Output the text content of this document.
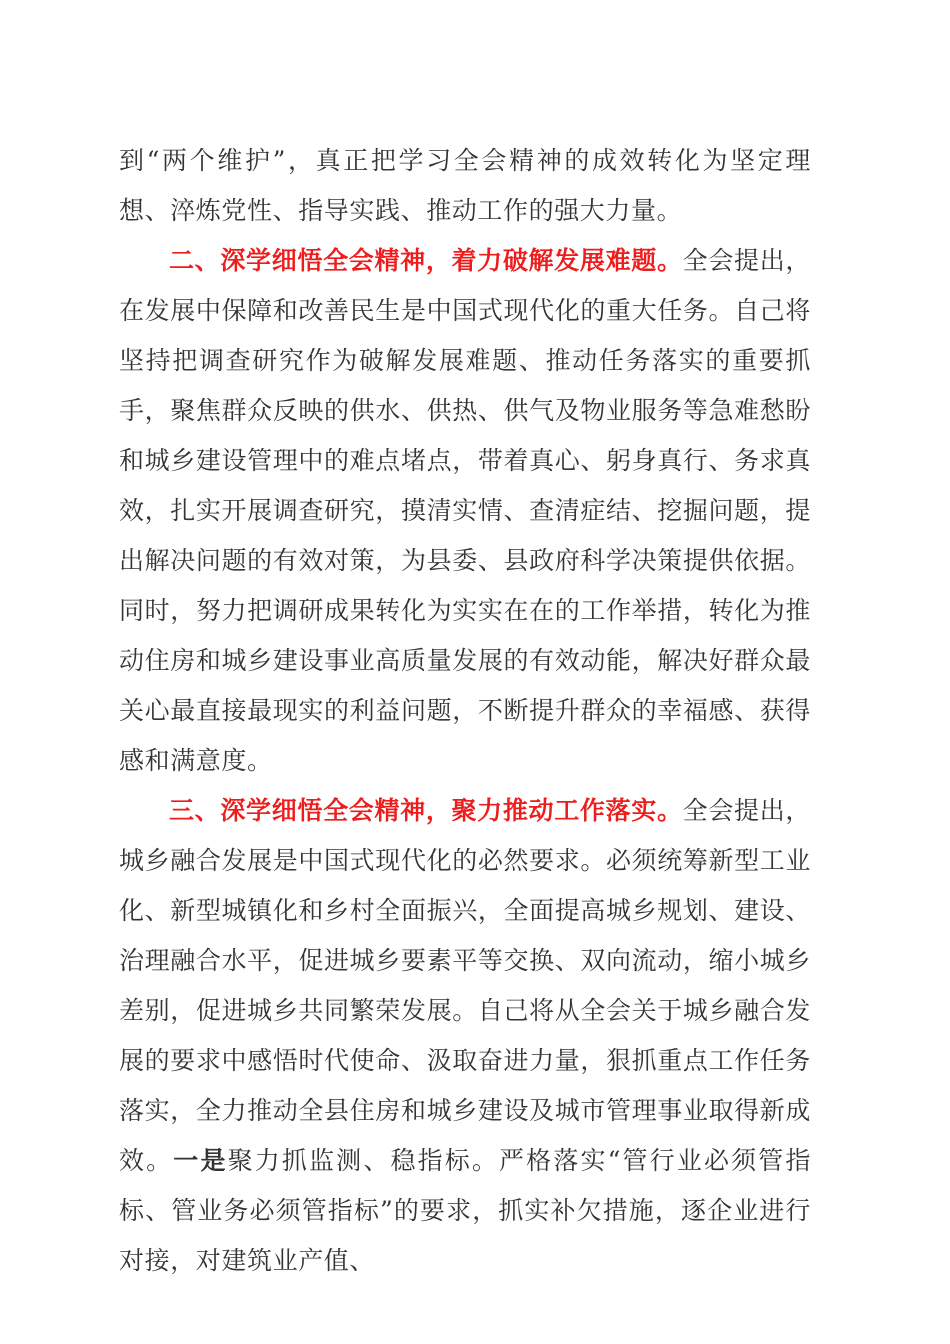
到“两个维护”，真正把学习全会精神的成效转化为坚定理想、淬炼党性、指导实践、推动工作的强大力量。

二、深学细悟全会精神，着力破解发展难题。全会提出，在发展中保障和改善民生是中国式现代化的重大任务。自己将坚持把调查研究作为破解发展难题、推动任务落实的重要抓手，聚焦群众反映的供水、供热、供气及物业服务等急难愁盼和城乡建设管理中的难点堵点，带着真心、躬身真行、务求真效，扎实开展调查研究，摸清实情、查清症结、挖掘问题，提出解决问题的有效对策，为县委、县政府科学决策提供依据。同时，努力把调研成果转化为实实在在的工作举措，转化为推动住房和城乡建设事业高质量发展的有效动能，解决好群众最关心最直接最现实的利益问题，不断提升群众的幸福感、获得感和满意度。

三、深学细悟全会精神，聚力推动工作落实。全会提出，城乡融合发展是中国式现代化的必然要求。必须统筹新型工业化、新型城镇化和乡村全面振兴，全面提高城乡规划、建设、治理融合水平，促进城乡要素平等交换、双向流动，缩小城乡差别，促进城乡共同繁荣发展。自己将从全会关于城乡融合发展的要求中感悟时代使命、汲取奋进力量，狠抓重点工作任务落实，全力推动全县住房和城乡建设及城市管理事业取得新成效。一是聚力抓监测、稳指标。严格落实“管行业必须管指标、管业务必须管指标”的要求，抓实补欠措施，逐企业进行对接，对建筑业产值、
